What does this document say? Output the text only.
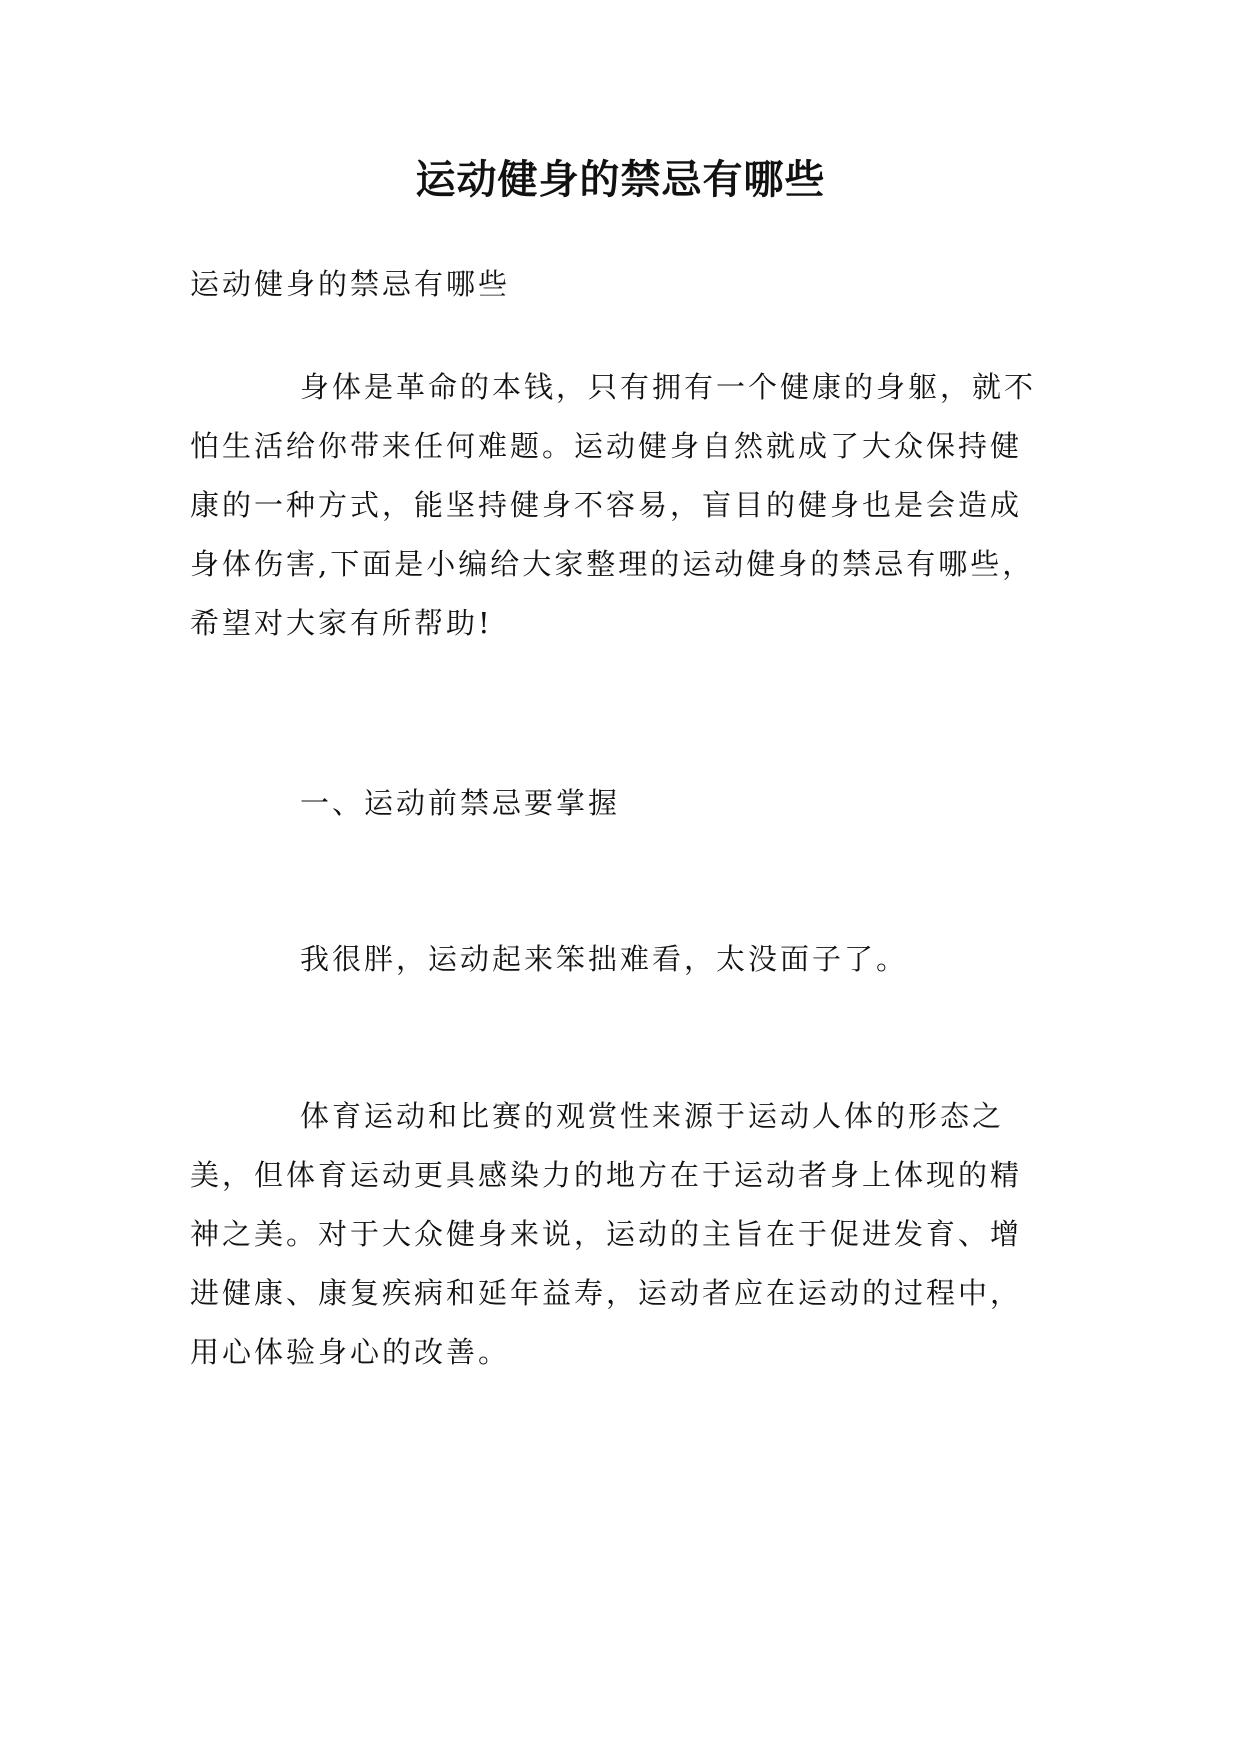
运动健身的禁忌有哪些
运动健身的禁忌有哪些
身体是革命的本钱，只有拥有一个健康的身躯，就不
怕生活给你带来任何难题。运动健身自然就成了大众保持健
康的一种方式，能坚持健身不容易，盲目的健身也是会造成
身体伤害,下面是小编给大家整理的运动健身的禁忌有哪些，
希望对大家有所帮助!
一、运动前禁忌要掌握
我很胖，运动起来笨拙难看，太没面子了。
体育运动和比赛的观赏性来源于运动人体的形态之
美，但体育运动更具感染力的地方在于运动者身上体现的精
神之美。对于大众健身来说，运动的主旨在于促进发育、增
进健康、康复疾病和延年益寿，运动者应在运动的过程中，
用心体验身心的改善。
